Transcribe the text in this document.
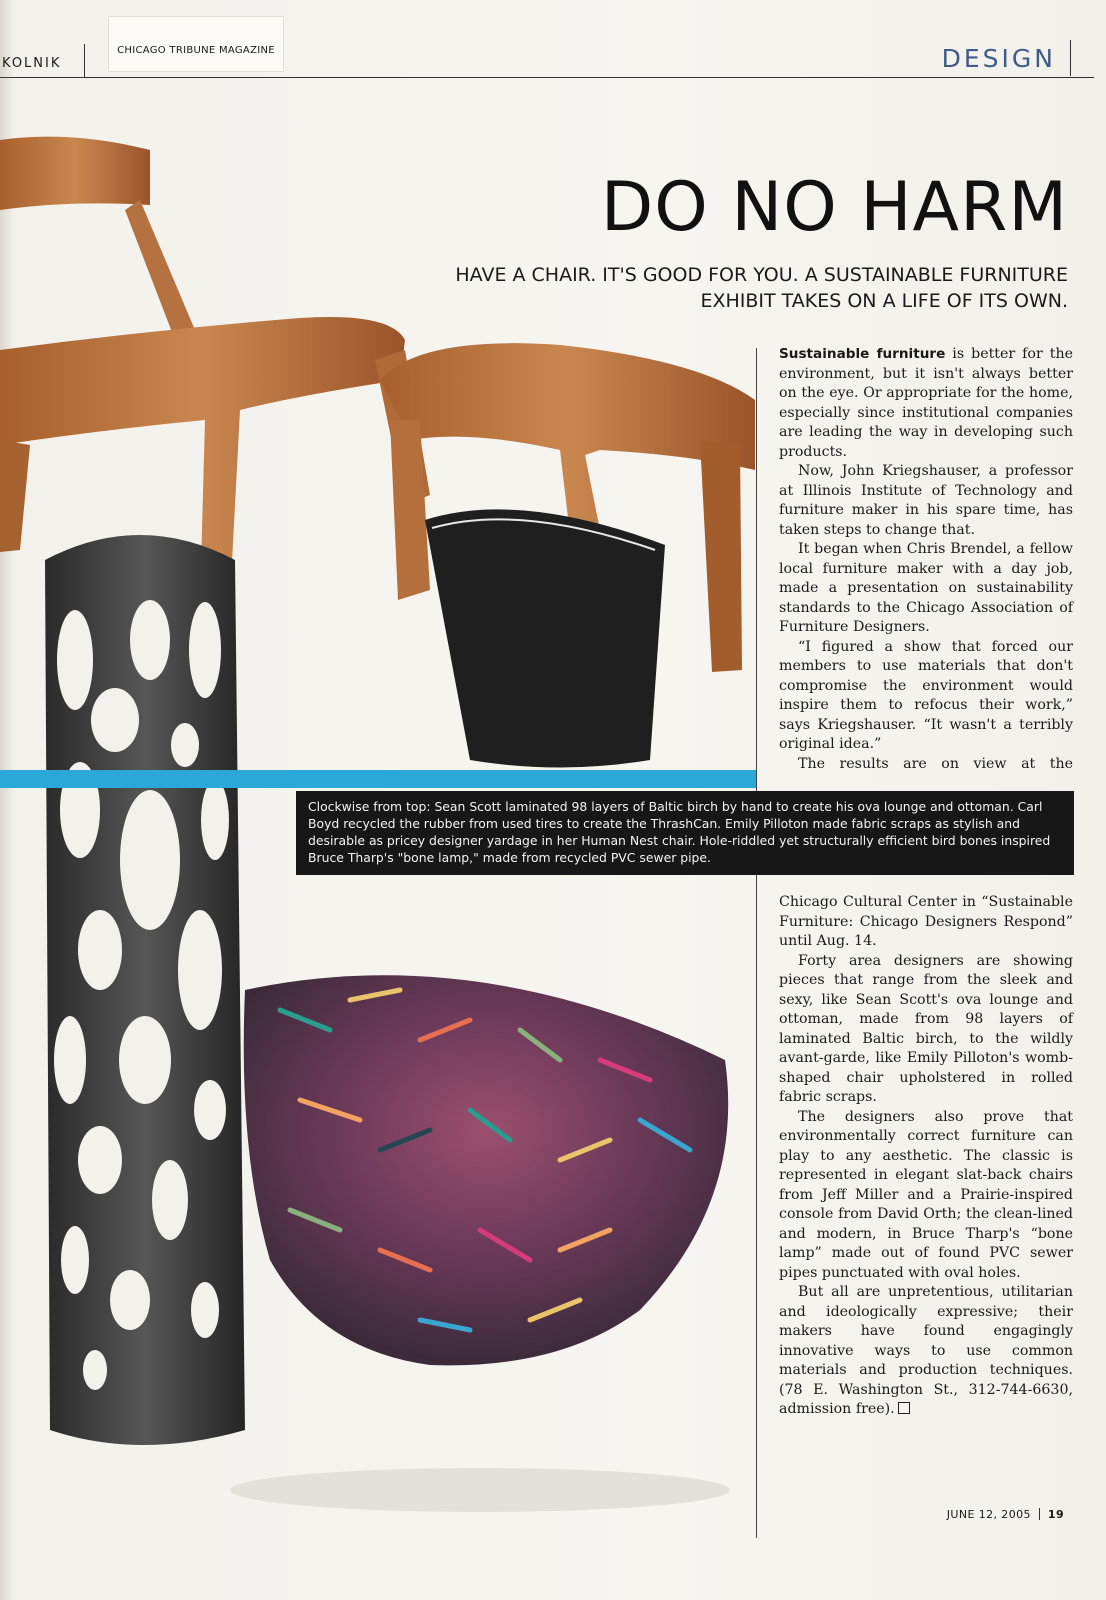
KOLNIK
CHICAGO TRIBUNE MAGAZINE	DESIGN
DO NO HARM
HAVE A CHAIR. IT'S GOOD FOR YOU. A SUSTAINABLE FURNITURE EXHIBIT TAKES ON A LIFE OF ITS OWN.
Clockwise from top: Sean Scott laminated 98 layers of Baltic birch by hand to create his ova lounge and ottoman. Carl Boyd recycled the rubber from used tires to create the ThrashCan. Emily Pilloton made fabric scraps as stylish and desirable as pricey designer yardage in her Human Nest chair. Hole-riddled yet structurally efficient bird bones inspired Bruce Tharp's "bone lamp," made from recycled PVC sewer pipe.

Sustainable furniture is better for the environment, but it isn't always better on the eye. Or appropriate for the home, especially since institutional companies are leading the way in developing such products.

Now, John Kriegshauser, a professor at Illinois Institute of Technology and furniture maker in his spare time, has taken steps to change that.

It began when Chris Brendel, a fellow local furniture maker with a day job, made a presentation on sustainability standards to the Chicago Association of Furniture Designers.

“I figured a show that forced our members to use materials that don't compromise the environment would inspire them to refocus their work,” says Kriegshauser. “It wasn't a terribly original idea.”

The results are on view at the

Chicago Cultural Center in “Sustainable Furniture: Chicago Designers Respond” until Aug. 14.

Forty area designers are showing pieces that range from the sleek and sexy, like Sean Scott's ova lounge and ottoman, made from 98 layers of laminated Baltic birch, to the wildly avant-garde, like Emily Pilloton's womb-shaped chair upholstered in rolled fabric scraps.

The designers also prove that environmentally correct furniture can play to any aesthetic. The classic is represented in elegant slat-back chairs from Jeff Miller and a Prairie-inspired console from David Orth; the clean-lined and modern, in Bruce Tharp's “bone lamp” made out of found PVC sewer pipes punctuated with oval holes.

But all are unpretentious, utilitarian and ideologically expressive; their makers have found engagingly innovative ways to use common materials and production techniques. (78 E. Washington St., 312-744-6630, admission free).

JUNE 12, 2005 19
